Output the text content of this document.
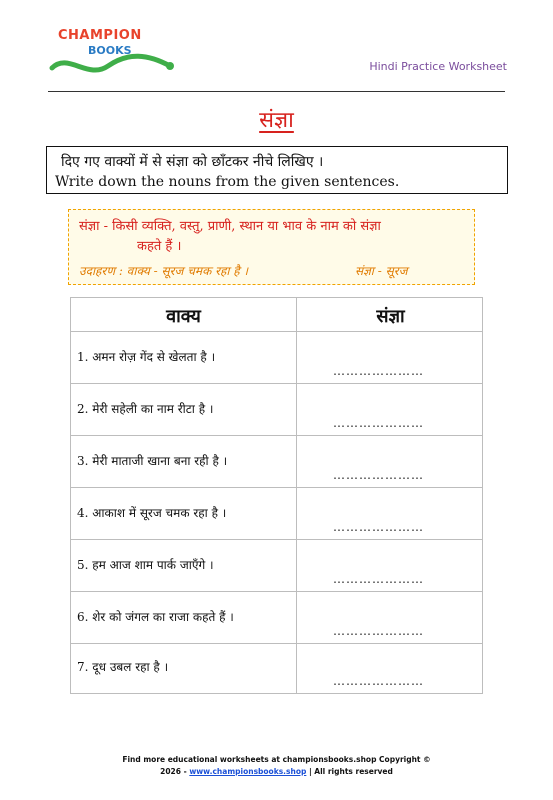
CHAMPION
BOOKS
Hindi Practice Worksheet
संज्ञा
दिए गए वाक्यों में से संज्ञा को छाँटकर नीचे लिखिए ।
Write down the nouns from the given sentences.
संज्ञा - किसी व्यक्ति, वस्तु, प्राणी, स्थान या भाव के नाम को संज्ञा
कहते हैं ।
उदाहरण : वाक्य - सूरज चमक रहा है ।	संज्ञा - सूरज
वाक्य	संज्ञा
1. अमन रोज़ गेंद से खेलता है ।
…………………
2. मेरी सहेली का नाम रीटा है ।
…………………
3. मेरी माताजी खाना बना रही है ।
…………………
4. आकाश में सूरज चमक रहा है ।
…………………
5. हम आज शाम पार्क जाएँगे ।
…………………
6. शेर को जंगल का राजा कहते हैं ।
…………………
7. दूध उबल रहा है ।
…………………
Find more educational worksheets at championsbooks.shop Copyright ©
2026 - www.championsbooks.shop | All rights reserved
